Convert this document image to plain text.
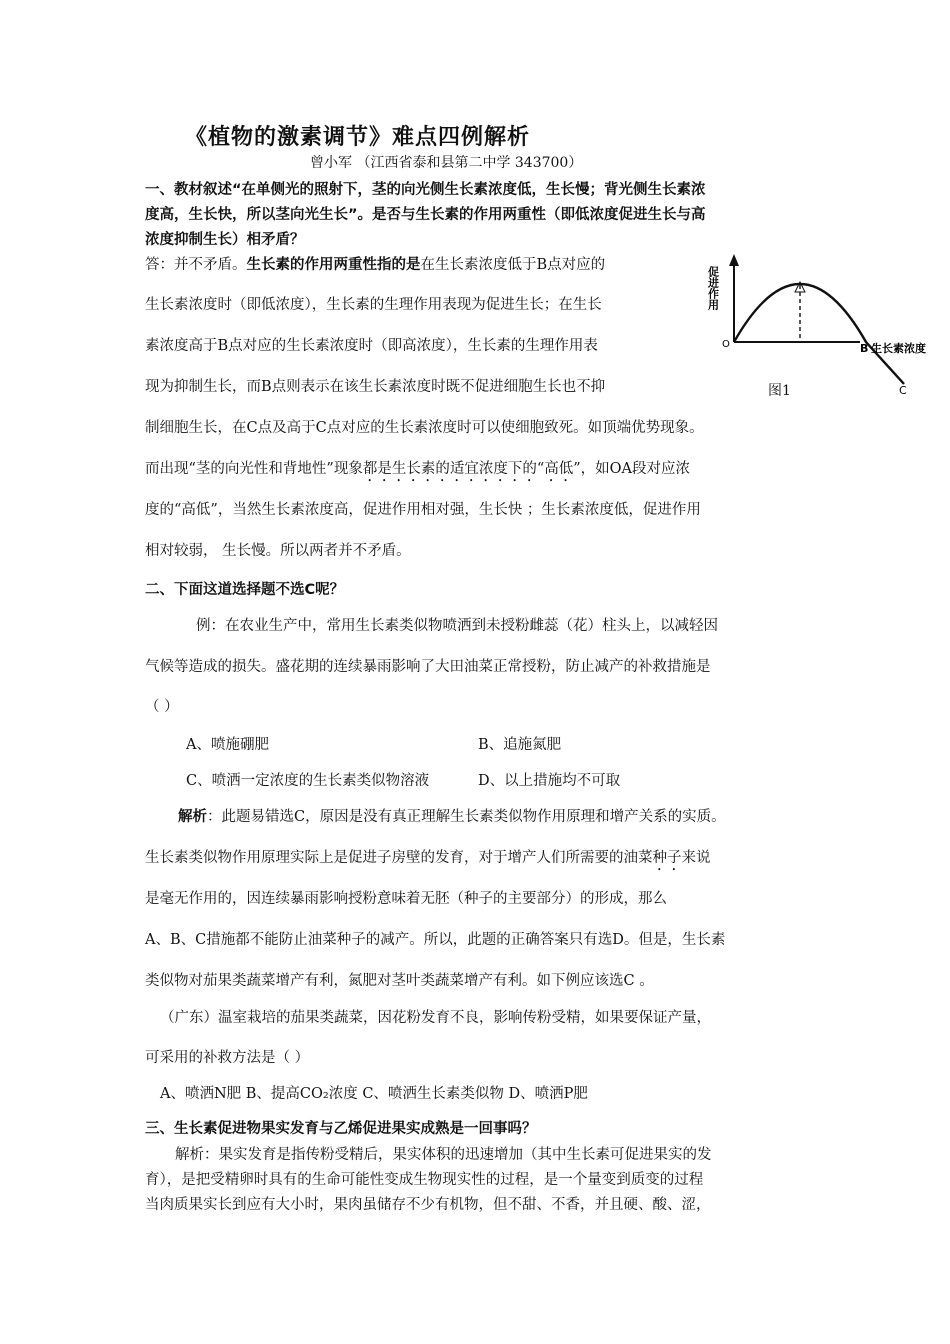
《植物的激素调节》难点四例解析
曾小军 （江西省泰和县第二中学 343700）
一、教材叙述“在单侧光的照射下，茎的向光侧生长素浓度低，生长慢；背光侧生长素浓
度高，生长快，所以茎向光生长”。是否与生长素的作用两重性（即低浓度促进生长与高
浓度抑制生长）相矛盾？
答：并不矛盾。生长素的作用两重性指的是在生长素浓度低于B点对应的
生长素浓度时（即低浓度），生长素的生理作用表现为促进生长；在生长
素浓度高于B点对应的生长素浓度时（即高浓度），生长素的生理作用表
现为抑制生长，而B点则表示在该生长素浓度时既不促进细胞生长也不抑
制细胞生长，在C点及高于C点对应的生长素浓度时可以使细胞致死。如顶端优势现象。
而出现“茎的向光性和背地性”现象都是生长素的适宜浓度下的“高低”，如OA段对应浓
度的“高低”，当然生长素浓度高，促进作用相对强，生长快 ；生长素浓度低，促进作用
相对较弱， 生长慢。所以两者并不矛盾。
促进作用
O	B 生长素浓度
C
图1
二、下面这道选择题不选C呢？
例：在农业生产中，常用生长素类似物喷洒到未授粉雌蕊（花）柱头上，以减轻因
气候等造成的损失。盛花期的连续暴雨影响了大田油菜正常授粉，防止减产的补救措施是
（ ）
A、喷施硼肥	B、追施氮肥
C、喷洒一定浓度的生长素类似物溶液	D、以上措施均不可取
解析：此题易错选C，原因是没有真正理解生长素类似物作用原理和增产关系的实质。
生长素类似物作用原理实际上是促进子房壁的发育，对于增产人们所需要的油菜种子来说
是毫无作用的，因连续暴雨影响授粉意味着无胚（种子的主要部分）的形成，那么
A、B、C措施都不能防止油菜种子的减产。所以，此题的正确答案只有选D。但是，生长素
类似物对茄果类蔬菜增产有利，氮肥对茎叶类蔬菜增产有利。如下例应该选C 。
（广东）温室栽培的茄果类蔬菜，因花粉发育不良，影响传粉受精，如果要保证产量，
可采用的补救方法是（ ）
A、喷洒N肥 B、提高CO₂浓度 C、喷洒生长素类似物 D、喷洒P肥
三、生长素促进物果实发育与乙烯促进果实成熟是一回事吗？
解析：果实发育是指传粉受精后，果实体积的迅速增加（其中生长素可促进果实的发
育），是把受精卵时具有的生命可能性变成生物现实性的过程，是一个量变到质变的过程
当肉质果实长到应有大小时，果肉虽储存不少有机物，但不甜、不香，并且硬、酸、涩，
